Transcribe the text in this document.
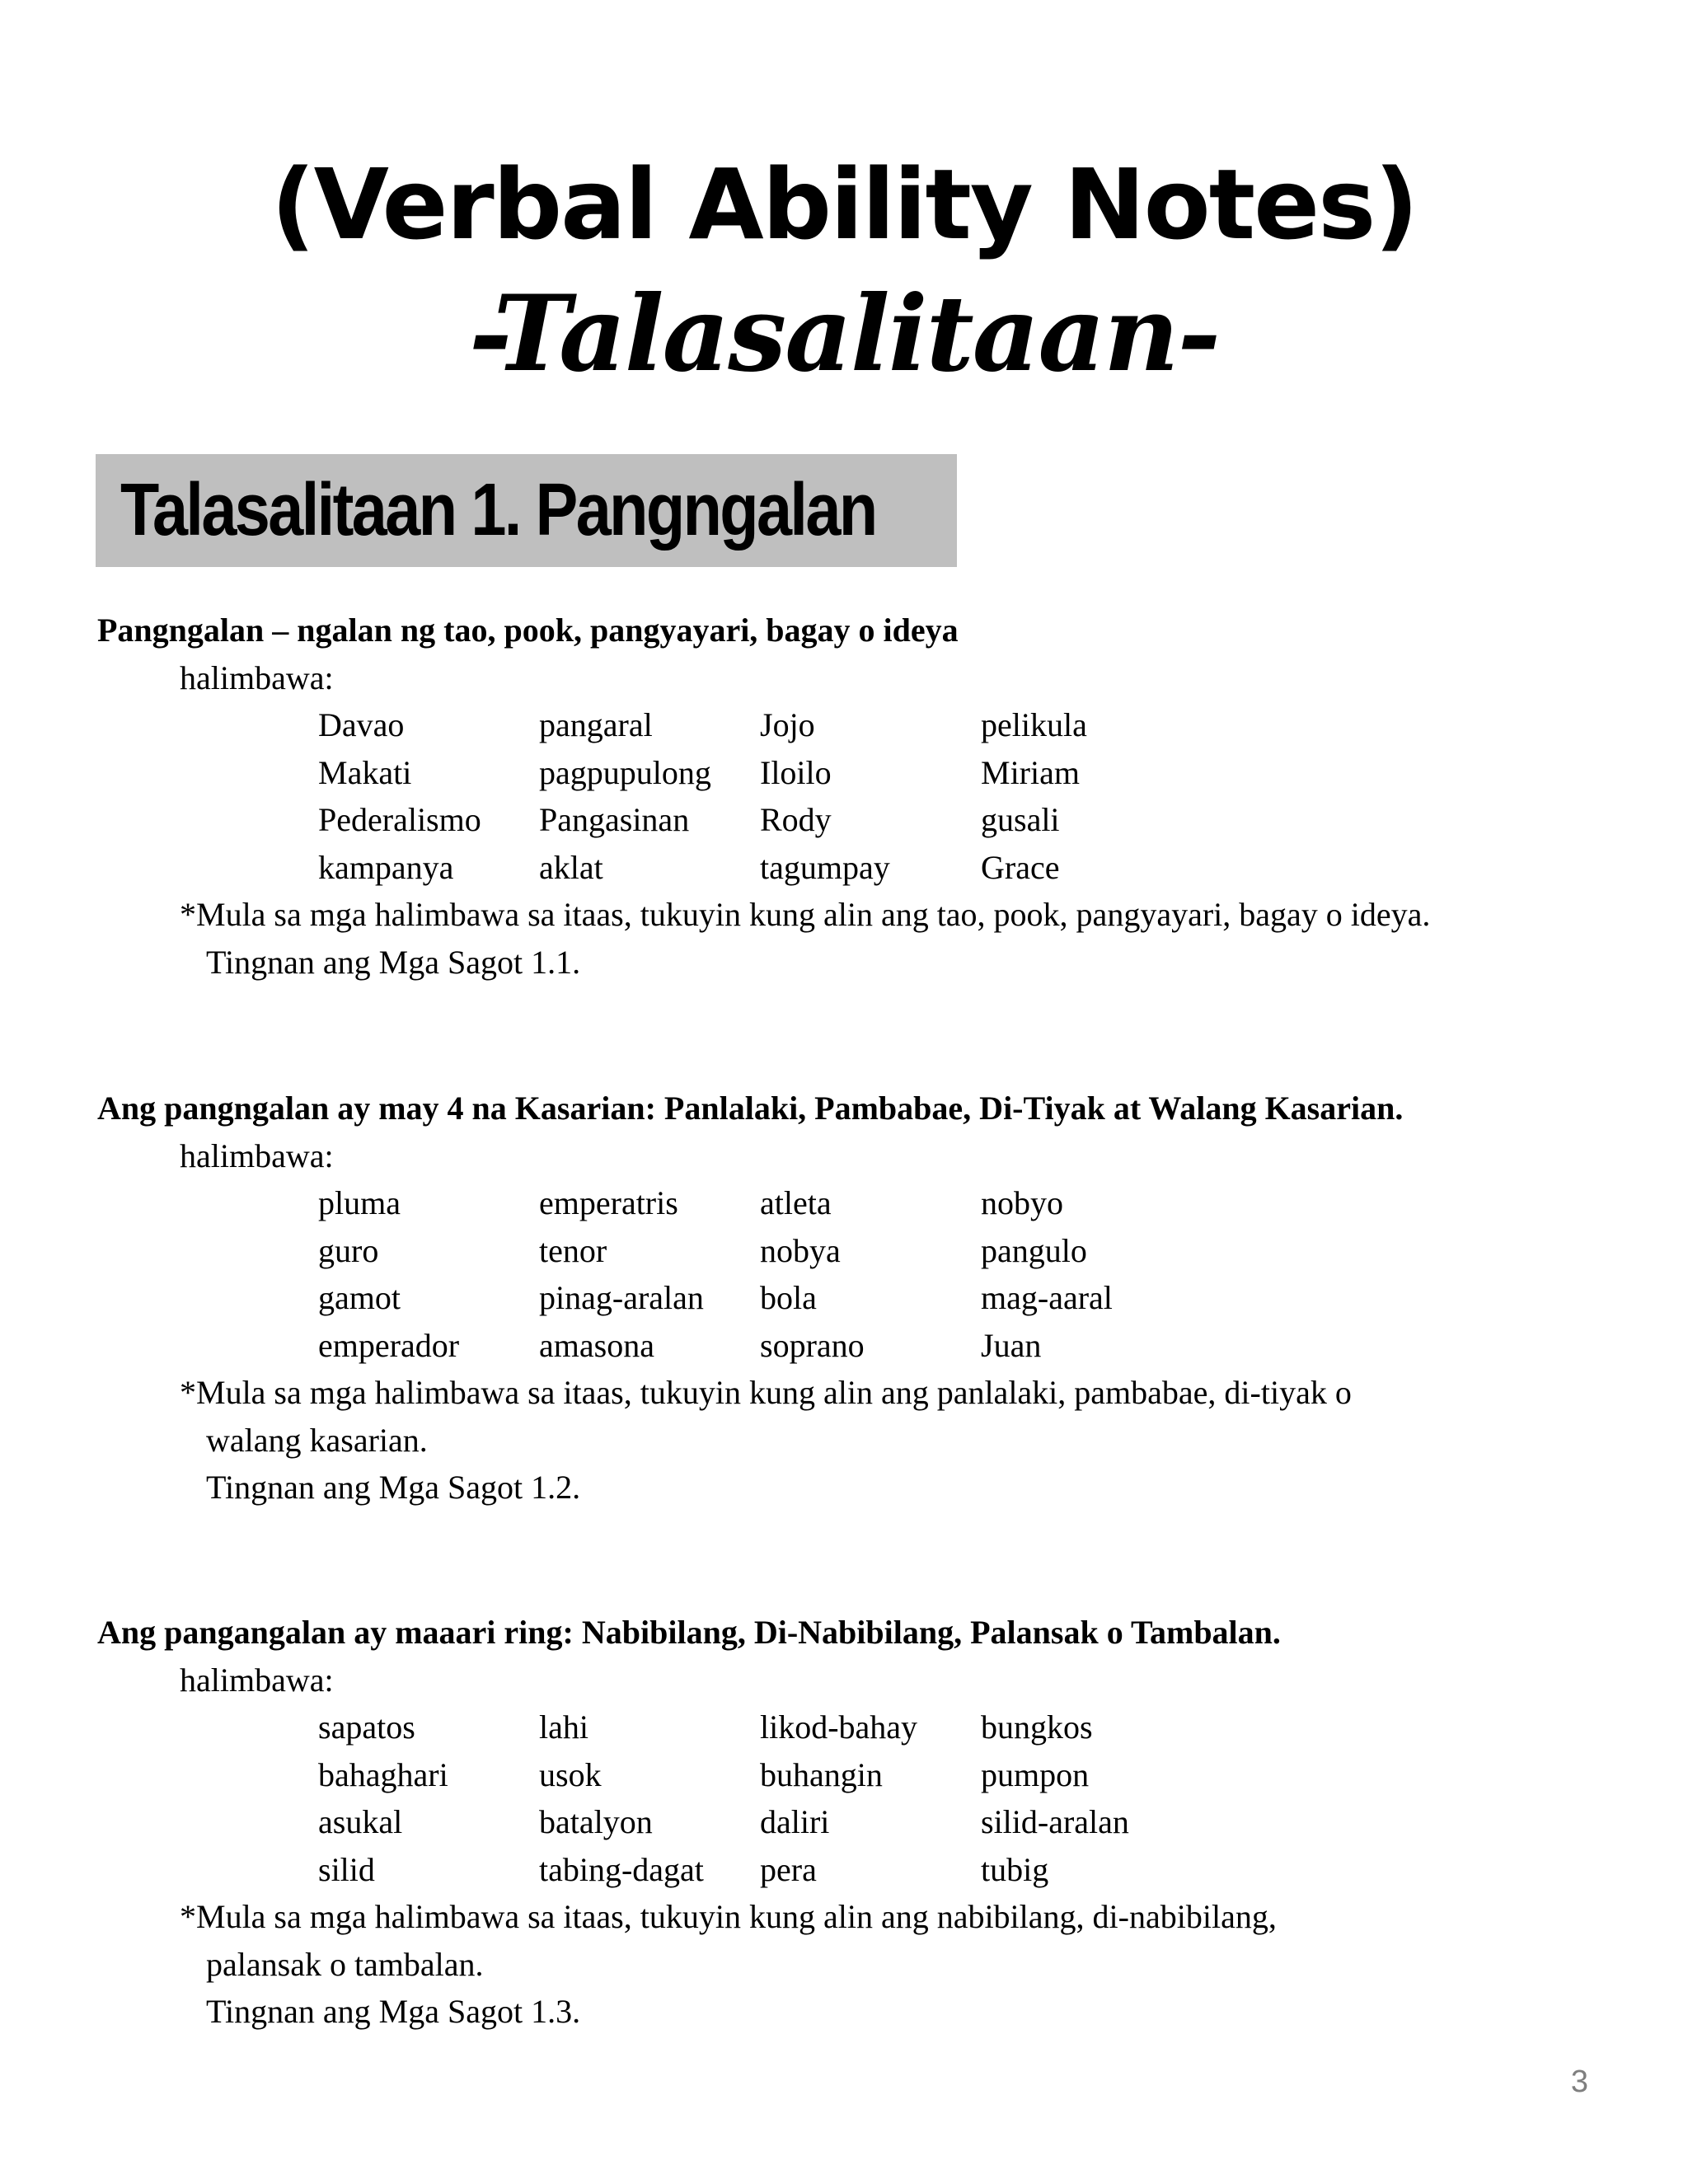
(Verbal Ability Notes)
-Talasalitaan-
Talasalitaan 1. Pangngalan
Pangngalan – ngalan ng tao, pook, pangyayari, bagay o ideya
halimbawa:
Davao	pangaral	Jojo	pelikula
Makati	pagpupulong	Iloilo	Miriam
Pederalismo	Pangasinan	Rody	gusali
kampanya	aklat	tagumpay	Grace
*Mula sa mga halimbawa sa itaas, tukuyin kung alin ang tao, pook, pangyayari, bagay o ideya.
Tingnan ang Mga Sagot 1.1.
Ang pangngalan ay may 4 na Kasarian: Panlalaki, Pambabae, Di-Tiyak at Walang Kasarian.
halimbawa:
pluma	emperatris	atleta	nobyo
guro	tenor	nobya	pangulo
gamot	pinag-aralan	bola	mag-aaral
emperador	amasona	soprano	Juan
*Mula sa mga halimbawa sa itaas, tukuyin kung alin ang panlalaki, pambabae, di-tiyak o
walang kasarian.
Tingnan ang Mga Sagot 1.2.
Ang pangangalan ay maaari ring: Nabibilang, Di-Nabibilang, Palansak o Tambalan.
halimbawa:
sapatos	lahi	likod-bahay	bungkos
bahaghari	usok	buhangin	pumpon
asukal	batalyon	daliri	silid-aralan
silid	tabing-dagat	pera	tubig
*Mula sa mga halimbawa sa itaas, tukuyin kung alin ang nabibilang, di-nabibilang,
palansak o tambalan.
Tingnan ang Mga Sagot 1.3.
3
